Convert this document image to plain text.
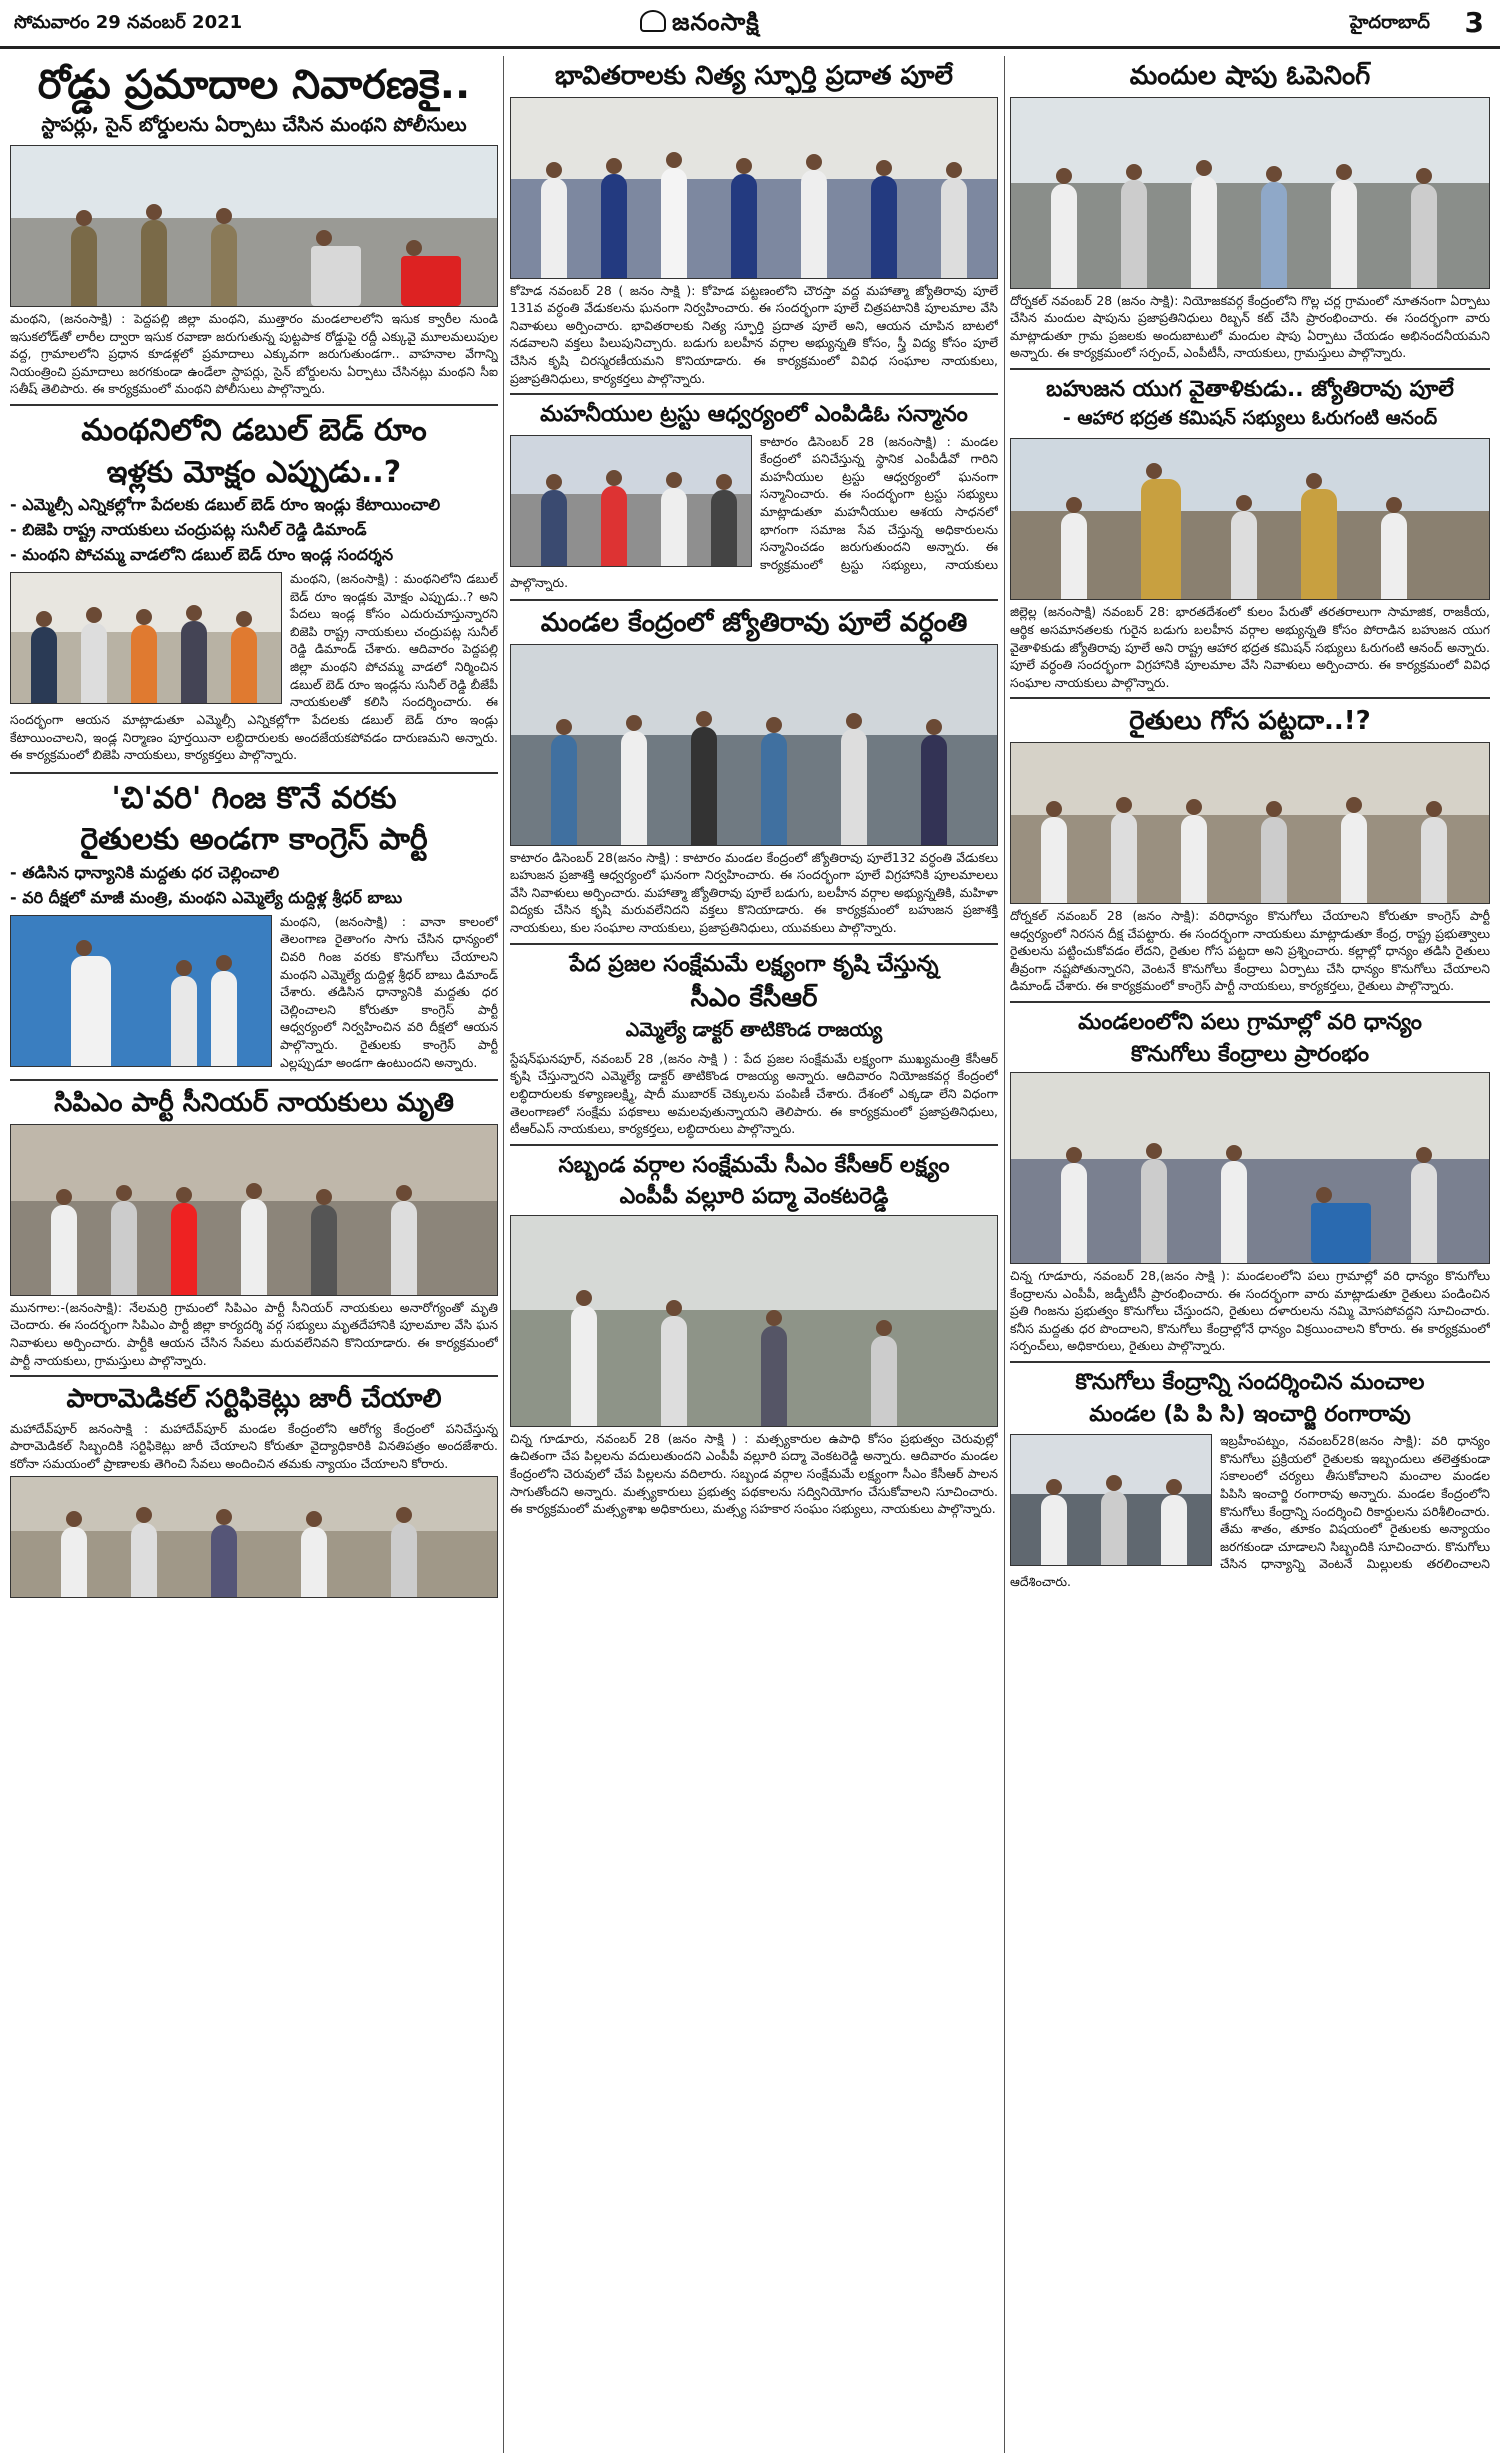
సోమవారం 29 నవంబర్‌ 2021	జనంసాక్షి	హైదరాబాద్‌ 3
రోడ్డు ప్రమాదాల నివారణకై..
స్టాపర్లు, సైన్‌ బోర్డులను ఏర్పాటు చేసిన మంథని పోలీసులు
మంథని, (జనంసాక్షి) : పెద్దపల్లి జిల్లా మంథని, ముత్తారం మండలాలలోని ఇసుక క్వారీల నుండి ఇసుకలోడ్‌తో లారీల ద్వారా ఇసుక రవాణా జరుగుతున్న పుట్టపాక రోడ్డుపై రద్దీ ఎక్కువై మూలమలుపుల వద్ద, గ్రామాలలోని ప్రధాన కూడళ్లలో ప్రమాదాలు ఎక్కువగా జరుగుతుండగా.. వాహనాల వేగాన్ని నియంత్రించి ప్రమాదాలు జరగకుండా ఉండేలా స్టాపర్లు, సైన్‌ బోర్డులను ఏర్పాటు చేసినట్లు మంథని సీఐ సతీష్‌ తెలిపారు. ఈ కార్యక్రమంలో మంథని పోలీసులు పాల్గొన్నారు.
మంథనిలోని డబుల్‌ బెడ్‌ రూం
ఇళ్లకు మోక్షం ఎప్పుడు..?
- ఎమ్మెల్సీ ఎన్నికల్లోగా పేదలకు డబుల్‌ బెడ్‌ రూం ఇండ్లు కేటాయించాలి
- బిజెపి రాష్ట్ర నాయకులు చంద్రుపట్ల సునీల్‌ రెడ్డి డిమాండ్‌
- మంథని పోచమ్మ వాడలోని డబుల్‌ బెడ్‌ రూం ఇండ్ల సందర్శన
మంథని, (జనంసాక్షి) : మంథనిలోని డబుల్‌ బెడ్‌ రూం ఇండ్లకు మోక్షం ఎప్పుడు..? అని పేదలు ఇండ్ల కోసం ఎదురుచూస్తున్నారని బిజెపి రాష్ట్ర నాయకులు చంద్రుపట్ల సునీల్‌ రెడ్డి డిమాండ్‌ చేశారు. ఆదివారం పెద్దపల్లి జిల్లా మంథని పోచమ్మ వాడలో నిర్మించిన డబుల్‌ బెడ్‌ రూం ఇండ్లను సునీల్‌ రెడ్డి బీజేపీ నాయకులతో కలిసి సందర్శించారు. ఈ సందర్భంగా ఆయన మాట్లాడుతూ ఎమ్మెల్సీ ఎన్నికల్లోగా పేదలకు డబుల్‌ బెడ్‌ రూం ఇండ్లు కేటాయించాలని, ఇండ్ల నిర్మాణం పూర్తయినా లబ్ధిదారులకు అందజేయకపోవడం దారుణమని అన్నారు. ఈ కార్యక్రమంలో బిజెపి నాయకులు, కార్యకర్తలు పాల్గొన్నారు.
'చి'వరి' గింజ కొనే వరకు
రైతులకు అండగా కాంగ్రెస్‌ పార్టీ
- తడిసిన ధాన్యానికి మద్దతు ధర చెల్లించాలి
- వరి దీక్షలో మాజీ మంత్రి, మంథని ఎమ్మెల్యే దుద్దిళ్ల శ్రీధర్‌ బాబు
మంథని, (జనంసాక్షి) : వానా కాలంలో తెలంగాణ రైతాంగం సాగు చేసిన ధాన్యంలో చివరి గింజ వరకు కొనుగోలు చేయాలని మంథని ఎమ్మెల్యే దుద్దిళ్ల శ్రీధర్‌ బాబు డిమాండ్‌ చేశారు. తడిసిన ధాన్యానికి మద్దతు ధర చెల్లించాలని కోరుతూ కాంగ్రెస్‌ పార్టీ ఆధ్వర్యంలో నిర్వహించిన వరి దీక్షలో ఆయన పాల్గొన్నారు. రైతులకు కాంగ్రెస్‌ పార్టీ ఎల్లప్పుడూ అండగా ఉంటుందని అన్నారు.
సిపిఎం పార్టీ సీనియర్‌ నాయకులు మృతి
మునగాల:-(జనంసాక్షి): నేలమర్రి గ్రామంలో సిపిఎం పార్టీ సీనియర్‌ నాయకులు అనారోగ్యంతో మృతి చెందారు. ఈ సందర్భంగా సిపిఎం పార్టీ జిల్లా కార్యదర్శి వర్గ సభ్యులు మృతదేహానికి పూలమాల వేసి ఘన నివాళులు అర్పించారు. పార్టీకి ఆయన చేసిన సేవలు మరువలేనివని కొనియాడారు. ఈ కార్యక్రమంలో పార్టీ నాయకులు, గ్రామస్తులు పాల్గొన్నారు.
పారామెడికల్‌ సర్టిఫికెట్లు జారీ చేయాలి
మహాదేవ్‌పూర్‌ జనంసాక్షి : మహాదేవ్‌పూర్‌ మండల కేంద్రంలోని ఆరోగ్య కేంద్రంలో పనిచేస్తున్న పారామెడికల్‌ సిబ్బందికి సర్టిఫికెట్లు జారీ చేయాలని కోరుతూ వైద్యాధికారికి వినతిపత్రం అందజేశారు. కరోనా సమయంలో ప్రాణాలకు తెగించి సేవలు అందించిన తమకు న్యాయం చేయాలని కోరారు.
భావితరాలకు నిత్య స్ఫూర్తి ప్రదాత పూలే
కోహెడ నవంబర్‌ 28 ( జనం సాక్షి ): కోహెడ పట్టణంలోని చౌరస్తా వద్ద మహాత్మా జ్యోతిరావు పూలే 131వ వర్ధంతి వేడుకలను ఘనంగా నిర్వహించారు. ఈ సందర్భంగా పూలే చిత్రపటానికి పూలమాల వేసి నివాళులు అర్పించారు. భావితరాలకు నిత్య స్ఫూర్తి ప్రదాత పూలే అని, ఆయన చూపిన బాటలో నడవాలని వక్తలు పిలుపునిచ్చారు. బడుగు బలహీన వర్గాల అభ్యున్నతి కోసం, స్త్రీ విద్య కోసం పూలే చేసిన కృషి చిరస్మరణీయమని కొనియాడారు. ఈ కార్యక్రమంలో వివిధ సంఘాల నాయకులు, ప్రజాప్రతినిధులు, కార్యకర్తలు పాల్గొన్నారు.
మహనీయుల ట్రస్టు ఆధ్వర్యంలో ఎంపిడిఓ సన్మానం
కాటారం డిసెంబర్‌ 28 (జనంసాక్షి) : మండల కేంద్రంలో పనిచేస్తున్న స్థానిక ఎంపీడీవో గారిని మహనీయుల ట్రస్టు ఆధ్వర్యంలో ఘనంగా సన్మానించారు. ఈ సందర్భంగా ట్రస్టు సభ్యులు మాట్లాడుతూ మహనీయుల ఆశయ సాధనలో భాగంగా సమాజ సేవ చేస్తున్న అధికారులను సన్మానించడం జరుగుతుందని అన్నారు. ఈ కార్యక్రమంలో ట్రస్టు సభ్యులు, నాయకులు పాల్గొన్నారు.
మండల కేంద్రంలో జ్యోతిరావు పూలే వర్ధంతి
కాటారం డిసెంబర్‌ 28(జనం సాక్షి) : కాటారం మండల కేంద్రంలో జ్యోతిరావు పూలే132 వర్ధంతి వేడుకలు బహుజన ప్రజాశక్తి ఆధ్వర్యంలో ఘనంగా నిర్వహించారు. ఈ సందర్భంగా పూలే విగ్రహానికి పూలమాలలు వేసి నివాళులు అర్పించారు. మహాత్మా జ్యోతిరావు పూలే బడుగు, బలహీన వర్గాల అభ్యున్నతికి, మహిళా విద్యకు చేసిన కృషి మరువలేనిదని వక్తలు కొనియాడారు. ఈ కార్యక్రమంలో బహుజన ప్రజాశక్తి నాయకులు, కుల సంఘాల నాయకులు, ప్రజాప్రతినిధులు, యువకులు పాల్గొన్నారు.
పేద ప్రజల సంక్షేమమే లక్ష్యంగా కృషి చేస్తున్న
సీఎం కేసీఆర్‌
ఎమ్మెల్యే డాక్టర్‌ తాటికొండ రాజయ్య
స్టేషన్‌ఘనపూర్‌, నవంబర్‌ 28 ,(జనం సాక్షి ) : పేద ప్రజల సంక్షేమమే లక్ష్యంగా ముఖ్యమంత్రి కేసీఆర్‌ కృషి చేస్తున్నారని ఎమ్మెల్యే డాక్టర్‌ తాటికొండ రాజయ్య అన్నారు. ఆదివారం నియోజకవర్గ కేంద్రంలో లబ్ధిదారులకు కళ్యాణలక్ష్మి, షాదీ ముబారక్‌ చెక్కులను పంపిణీ చేశారు. దేశంలో ఎక్కడా లేని విధంగా తెలంగాణలో సంక్షేమ పథకాలు అమలవుతున్నాయని తెలిపారు. ఈ కార్యక్రమంలో ప్రజాప్రతినిధులు, టీఆర్‌ఎస్‌ నాయకులు, కార్యకర్తలు, లబ్ధిదారులు పాల్గొన్నారు.
సబ్బండ వర్గాల సంక్షేమమే సీఎం కేసీఆర్‌ లక్ష్యం
ఎంపీపీ వల్లూరి పద్మా వెంకటరెడ్డి
చిన్న గూడూరు, నవంబర్‌ 28 (జనం సాక్షి ) : మత్స్యకారుల ఉపాధి కోసం ప్రభుత్వం చెరువుల్లో ఉచితంగా చేప పిల్లలను వదులుతుందని ఎంపీపీ వల్లూరి పద్మా వెంకటరెడ్డి అన్నారు. ఆదివారం మండల కేంద్రంలోని చెరువులో చేప పిల్లలను వదిలారు. సబ్బండ వర్గాల సంక్షేమమే లక్ష్యంగా సీఎం కేసీఆర్‌ పాలన సాగుతోందని అన్నారు. మత్స్యకారులు ప్రభుత్వ పథకాలను సద్వినియోగం చేసుకోవాలని సూచించారు. ఈ కార్యక్రమంలో మత్స్యశాఖ అధికారులు, మత్స్య సహకార సంఘం సభ్యులు, నాయకులు పాల్గొన్నారు.
మందుల షాపు ఓపెనింగ్‌
దోర్నకల్‌ నవంబర్‌ 28 (జనం సాక్షి): నియోజకవర్గ కేంద్రంలోని గొల్ల చర్ల గ్రామంలో నూతనంగా ఏర్పాటు చేసిన మందుల షాపును ప్రజాప్రతినిధులు రిబ్బన్‌ కట్‌ చేసి ప్రారంభించారు. ఈ సందర్భంగా వారు మాట్లాడుతూ గ్రామ ప్రజలకు అందుబాటులో మందుల షాపు ఏర్పాటు చేయడం అభినందనీయమని అన్నారు. ఈ కార్యక్రమంలో సర్పంచ్‌, ఎంపీటీసీ, నాయకులు, గ్రామస్తులు పాల్గొన్నారు.
బహుజన యుగ వైతాళికుడు.. జ్యోతిరావు పూలే
- ఆహార భద్రత కమిషన్‌ సభ్యులు ఓరుగంటి ఆనంద్‌
జిల్లెల్ల (జనంసాక్షి) నవంబర్‌ 28: భారతదేశంలో కులం పేరుతో తరతరాలుగా సామాజిక, రాజకీయ, ఆర్థిక అసమానతలకు గురైన బడుగు బలహీన వర్గాల అభ్యున్నతి కోసం పోరాడిన బహుజన యుగ వైతాళికుడు జ్యోతిరావు పూలే అని రాష్ట్ర ఆహార భద్రత కమిషన్‌ సభ్యులు ఓరుగంటి ఆనంద్‌ అన్నారు. పూలే వర్ధంతి సందర్భంగా విగ్రహానికి పూలమాల వేసి నివాళులు అర్పించారు. ఈ కార్యక్రమంలో వివిధ సంఘాల నాయకులు పాల్గొన్నారు.
రైతులు గోస పట్టదా..!?
దోర్నకల్‌ నవంబర్‌ 28 (జనం సాక్షి): వరిధాన్యం కొనుగోలు చేయాలని కోరుతూ కాంగ్రెస్‌ పార్టీ ఆధ్వర్యంలో నిరసన దీక్ష చేపట్టారు. ఈ సందర్భంగా నాయకులు మాట్లాడుతూ కేంద్ర, రాష్ట్ర ప్రభుత్వాలు రైతులను పట్టించుకోవడం లేదని, రైతుల గోస పట్టదా అని ప్రశ్నించారు. కల్లాల్లో ధాన్యం తడిసి రైతులు తీవ్రంగా నష్టపోతున్నారని, వెంటనే కొనుగోలు కేంద్రాలు ఏర్పాటు చేసి ధాన్యం కొనుగోలు చేయాలని డిమాండ్‌ చేశారు. ఈ కార్యక్రమంలో కాంగ్రెస్‌ పార్టీ నాయకులు, కార్యకర్తలు, రైతులు పాల్గొన్నారు.
మండలంలోని పలు గ్రామాల్లో వరి ధాన్యం
కొనుగోలు కేంద్రాలు ప్రారంభం
చిన్న గూడూరు, నవంబర్‌ 28,(జనం సాక్షి ): మండలంలోని పలు గ్రామాల్లో వరి ధాన్యం కొనుగోలు కేంద్రాలను ఎంపీపీ, జడ్పీటీసీ ప్రారంభించారు. ఈ సందర్భంగా వారు మాట్లాడుతూ రైతులు పండించిన ప్రతి గింజను ప్రభుత్వం కొనుగోలు చేస్తుందని, రైతులు దళారులను నమ్మి మోసపోవద్దని సూచించారు. కనీస మద్దతు ధర పొందాలని, కొనుగోలు కేంద్రాల్లోనే ధాన్యం విక్రయించాలని కోరారు. ఈ కార్యక్రమంలో సర్పంచ్‌లు, అధికారులు, రైతులు పాల్గొన్నారు.
కొనుగోలు కేంద్రాన్ని సందర్శించిన మంచాల
మండల (పి పి సి) ఇంచార్జి రంగారావు
ఇబ్రహీంపట్నం, నవంబర్‌28(జనం సాక్షి): వరి ధాన్యం కొనుగోలు ప్రక్రియలో రైతులకు ఇబ్బందులు తలెత్తకుండా సకాలంలో చర్యలు తీసుకోవాలని మంచాల మండల పిపిసి ఇంచార్జి రంగారావు అన్నారు. మండల కేంద్రంలోని కొనుగోలు కేంద్రాన్ని సందర్శించి రికార్డులను పరిశీలించారు. తేమ శాతం, తూకం విషయంలో రైతులకు అన్యాయం జరగకుండా చూడాలని సిబ్బందికి సూచించారు. కొనుగోలు చేసిన ధాన్యాన్ని వెంటనే మిల్లులకు తరలించాలని ఆదేశించారు.
